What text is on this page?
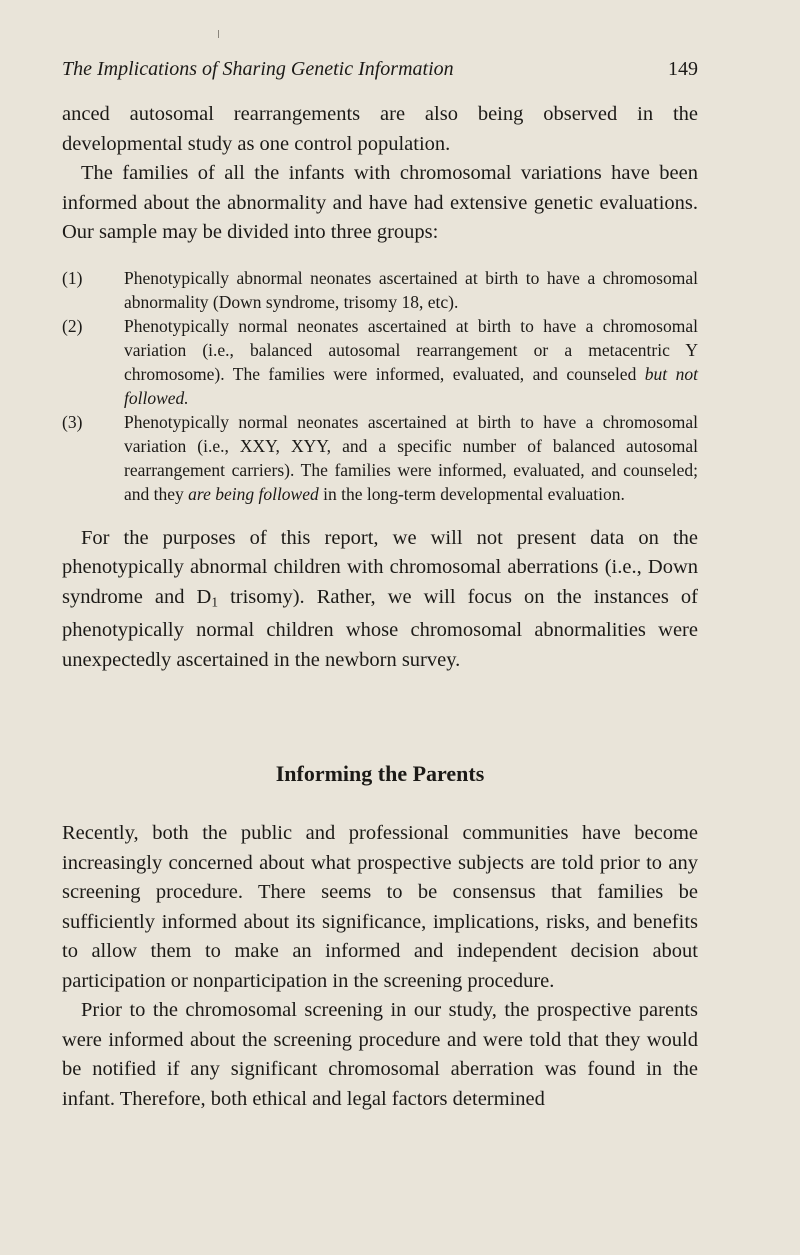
The Implications of Sharing Genetic Information	149

anced autosomal rearrangements are also being observed in the developmental study as one control population.

The families of all the infants with chromosomal variations have been informed about the abnormality and have had extensive genetic evaluations. Our sample may be divided into three groups:

(1) Phenotypically abnormal neonates ascertained at birth to have a chromosomal abnormality (Down syndrome, trisomy 18, etc).
(2) Phenotypically normal neonates ascertained at birth to have a chromosomal variation (i.e., balanced autosomal rearrangement or a metacentric Y chromosome). The families were informed, evaluated, and counseled but not followed.
(3) Phenotypically normal neonates ascertained at birth to have a chromosomal variation (i.e., XXY, XYY, and a specific number of balanced autosomal rearrangement carriers). The families were informed, evaluated, and counseled; and they are being followed in the long-term developmental evaluation.

For the purposes of this report, we will not present data on the phenotypically abnormal children with chromosomal aberrations (i.e., Down syndrome and $D_1$ trisomy). Rather, we will focus on the instances of phenotypically normal children whose chromosomal abnormalities were unexpectedly ascertained in the newborn survey.

Informing the Parents

Recently, both the public and professional communities have become increasingly concerned about what prospective subjects are told prior to any screening procedure. There seems to be consensus that families be sufficiently informed about its significance, implications, risks, and benefits to allow them to make an informed and independent decision about participation or nonparticipation in the screening procedure.

Prior to the chromosomal screening in our study, the prospective parents were informed about the screening procedure and were told that they would be notified if any significant chromosomal aberration was found in the infant. Therefore, both ethical and legal factors determined
